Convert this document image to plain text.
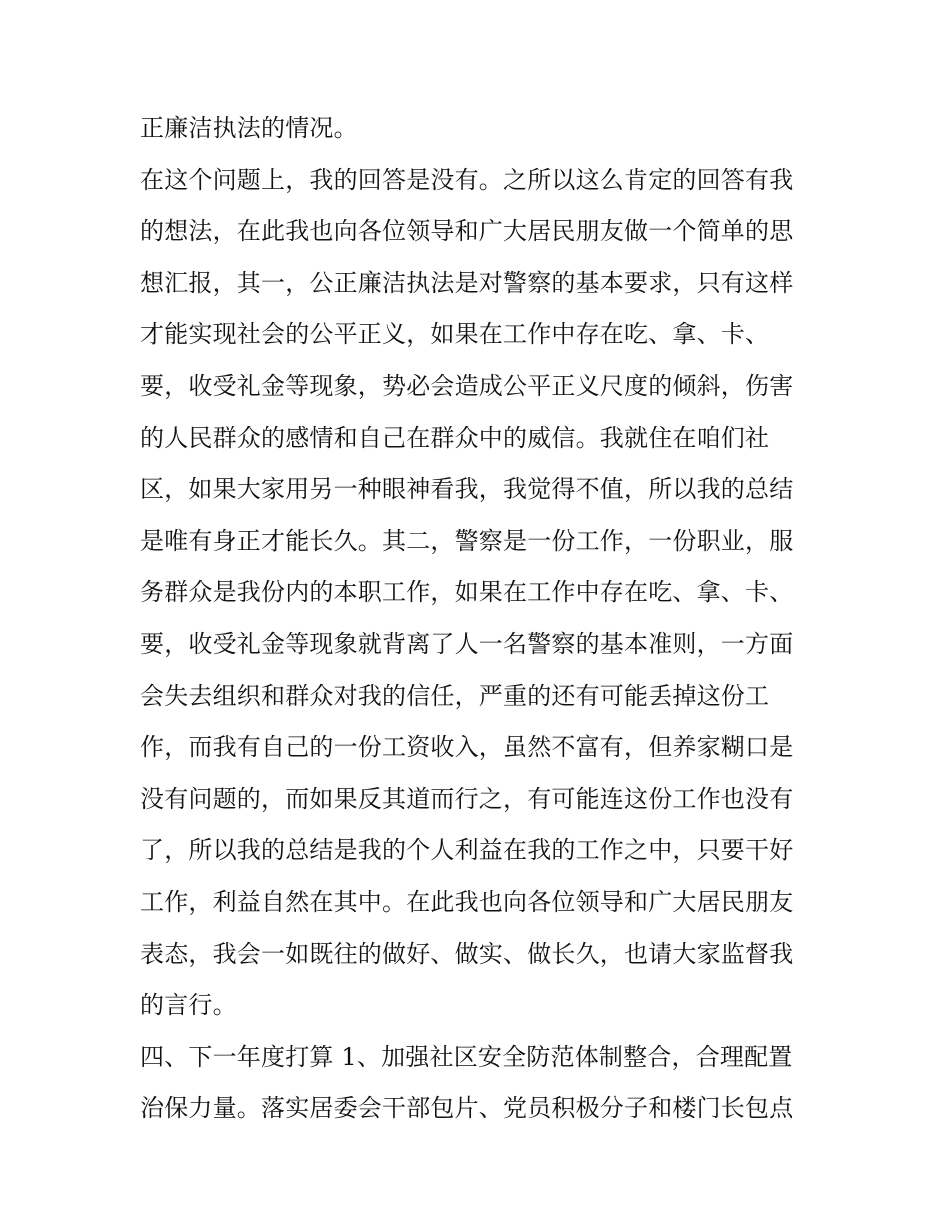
正廉洁执法的情况。
在这个问题上，我的回答是没有。之所以这么肯定的回答有我
的想法，在此我也向各位领导和广大居民朋友做一个简单的思
想汇报，其一，公正廉洁执法是对警察的基本要求，只有这样
才能实现社会的公平正义，如果在工作中存在吃、拿、卡、
要，收受礼金等现象，势必会造成公平正义尺度的倾斜，伤害
的人民群众的感情和自己在群众中的威信。我就住在咱们社
区，如果大家用另一种眼神看我，我觉得不值，所以我的总结
是唯有身正才能长久。其二，警察是一份工作，一份职业，服
务群众是我份内的本职工作，如果在工作中存在吃、拿、卡、
要，收受礼金等现象就背离了人一名警察的基本准则，一方面
会失去组织和群众对我的信任，严重的还有可能丢掉这份工
作，而我有自己的一份工资收入，虽然不富有，但养家糊口是
没有问题的，而如果反其道而行之，有可能连这份工作也没有
了，所以我的总结是我的个人利益在我的工作之中，只要干好
工作，利益自然在其中。在此我也向各位领导和广大居民朋友
表态，我会一如既往的做好、做实、做长久，也请大家监督我
的言行。
四、下一年度打算 1、加强社区安全防范体制整合，合理配置
治保力量。落实居委会干部包片、党员积极分子和楼门长包点
